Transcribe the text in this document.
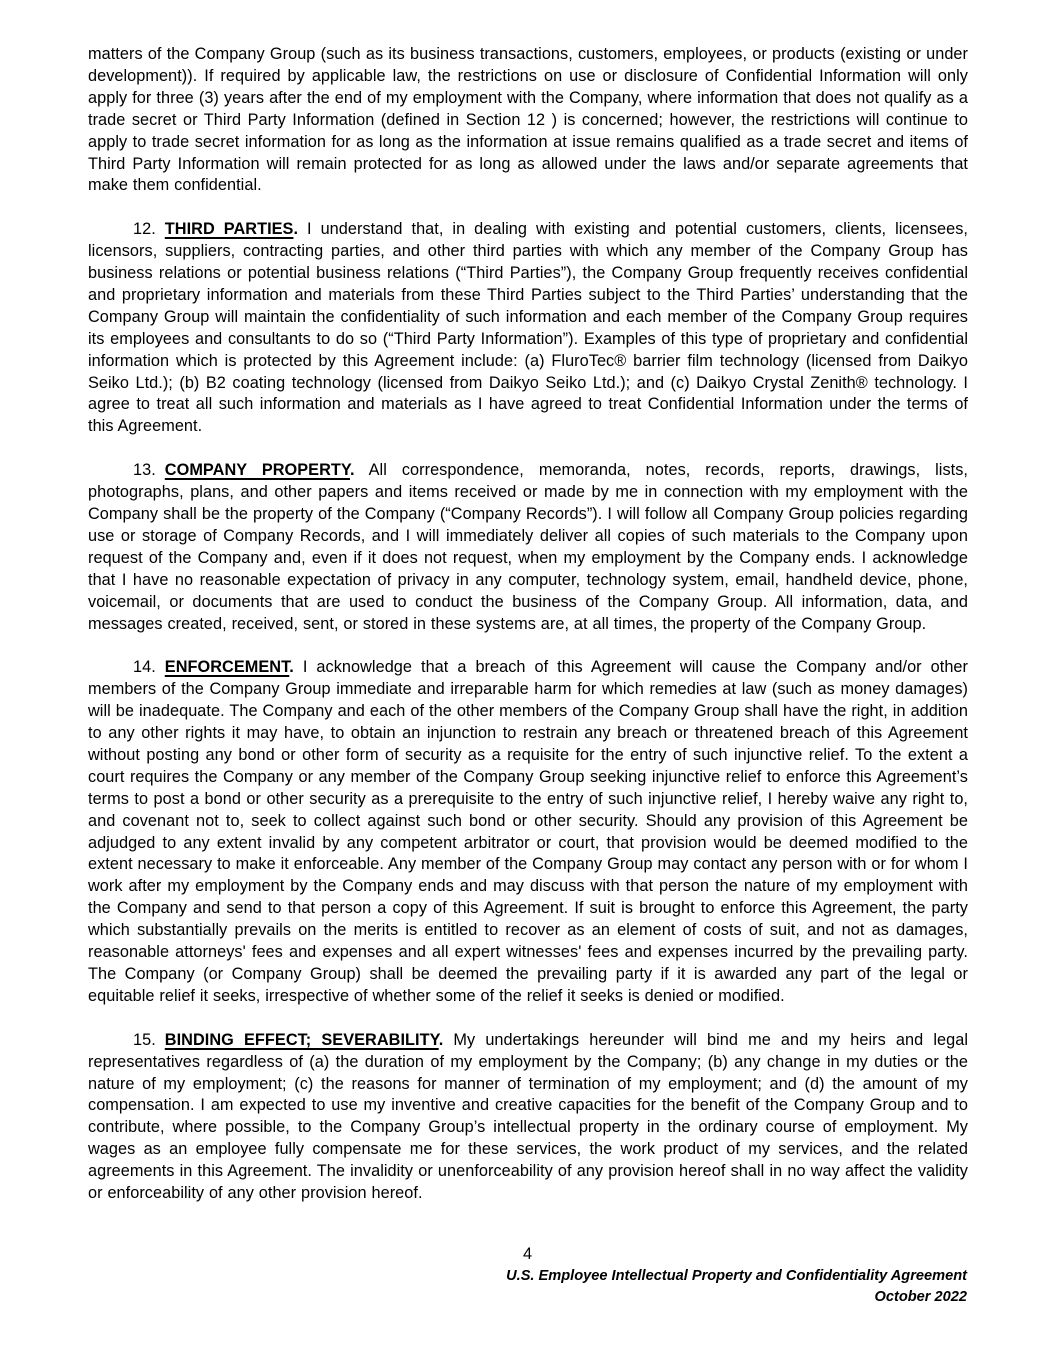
matters of the Company Group (such as its business transactions, customers, employees, or products (existing or under development)). If required by applicable law, the restrictions on use or disclosure of Confidential Information will only apply for three (3) years after the end of my employment with the Company, where information that does not qualify as a trade secret or Third Party Information (defined in Section 12 ) is concerned; however, the restrictions will continue to apply to trade secret information for as long as the information at issue remains qualified as a trade secret and items of Third Party Information will remain protected for as long as allowed under the laws and/or separate agreements that make them confidential.

12. THIRD PARTIES. I understand that, in dealing with existing and potential customers, clients, licensees, licensors, suppliers, contracting parties, and other third parties with which any member of the Company Group has business relations or potential business relations (“Third Parties”), the Company Group frequently receives confidential and proprietary information and materials from these Third Parties subject to the Third Parties’ understanding that the Company Group will maintain the confidentiality of such information and each member of the Company Group requires its employees and consultants to do so (“Third Party Information”). Examples of this type of proprietary and confidential information which is protected by this Agreement include: (a) FluroTec® barrier film technology (licensed from Daikyo Seiko Ltd.); (b) B2 coating technology (licensed from Daikyo Seiko Ltd.); and (c) Daikyo Crystal Zenith® technology. I agree to treat all such information and materials as I have agreed to treat Confidential Information under the terms of this Agreement.

13. COMPANY PROPERTY. All correspondence, memoranda, notes, records, reports, drawings, lists, photographs, plans, and other papers and items received or made by me in connection with my employment with the Company shall be the property of the Company (“Company Records”). I will follow all Company Group policies regarding use or storage of Company Records, and I will immediately deliver all copies of such materials to the Company upon request of the Company and, even if it does not request, when my employment by the Company ends. I acknowledge that I have no reasonable expectation of privacy in any computer, technology system, email, handheld device, phone, voicemail, or documents that are used to conduct the business of the Company Group. All information, data, and messages created, received, sent, or stored in these systems are, at all times, the property of the Company Group.

14. ENFORCEMENT. I acknowledge that a breach of this Agreement will cause the Company and/or other members of the Company Group immediate and irreparable harm for which remedies at law (such as money damages) will be inadequate. The Company and each of the other members of the Company Group shall have the right, in addition to any other rights it may have, to obtain an injunction to restrain any breach or threatened breach of this Agreement without posting any bond or other form of security as a requisite for the entry of such injunctive relief. To the extent a court requires the Company or any member of the Company Group seeking injunctive relief to enforce this Agreement’s terms to post a bond or other security as a prerequisite to the entry of such injunctive relief, I hereby waive any right to, and covenant not to, seek to collect against such bond or other security. Should any provision of this Agreement be adjudged to any extent invalid by any competent arbitrator or court, that provision would be deemed modified to the extent necessary to make it enforceable. Any member of the Company Group may contact any person with or for whom I work after my employment by the Company ends and may discuss with that person the nature of my employment with the Company and send to that person a copy of this Agreement. If suit is brought to enforce this Agreement, the party which substantially prevails on the merits is entitled to recover as an element of costs of suit, and not as damages, reasonable attorneys' fees and expenses and all expert witnesses' fees and expenses incurred by the prevailing party. The Company (or Company Group) shall be deemed the prevailing party if it is awarded any part of the legal or equitable relief it seeks, irrespective of whether some of the relief it seeks is denied or modified.

15. BINDING EFFECT; SEVERABILITY. My undertakings hereunder will bind me and my heirs and legal representatives regardless of (a) the duration of my employment by the Company; (b) any change in my duties or the nature of my employment; (c) the reasons for manner of termination of my employment; and (d) the amount of my compensation. I am expected to use my inventive and creative capacities for the benefit of the Company Group and to contribute, where possible, to the Company Group’s intellectual property in the ordinary course of employment. My wages as an employee fully compensate me for these services, the work product of my services, and the related agreements in this Agreement. The invalidity or unenforceability of any provision hereof shall in no way affect the validity or enforceability of any other provision hereof.

4

U.S. Employee Intellectual Property and Confidentiality Agreement
October 2022
